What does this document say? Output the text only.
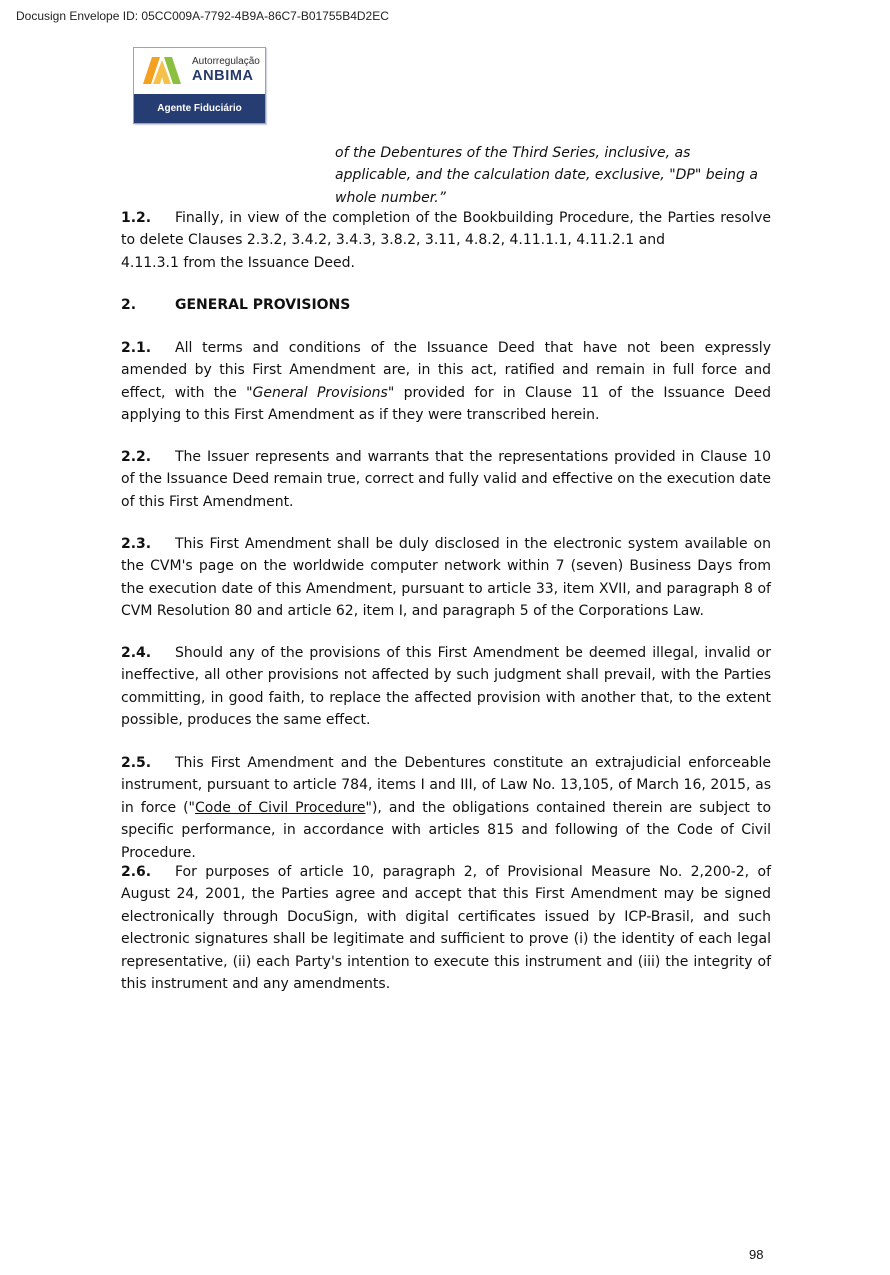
Docusign Envelope ID: 05CC009A-7792-4B9A-86C7-B01755B4D2EC
Autorregulação
ANBIMA
Agente Fiduciário
of the Debentures of the Third Series, inclusive, as applicable, and the calculation date, exclusive, "DP" being a whole number.”

1.2. Finally, in view of the completion of the Bookbuilding Procedure, the Parties resolve to delete Clauses 2.3.2, 3.4.2, 3.4.3, 3.8.2, 3.11, 4.8.2, 4.11.1.1, 4.11.2.1 and
4.11.3.1 from the Issuance Deed.

2.	GENERAL PROVISIONS

2.1. All terms and conditions of the Issuance Deed that have not been expressly amended by this First Amendment are, in this act, ratified and remain in full force and effect, with the "General Provisions" provided for in Clause 11 of the Issuance Deed applying to this First Amendment as if they were transcribed herein.

2.2. The Issuer represents and warrants that the representations provided in Clause 10 of the Issuance Deed remain true, correct and fully valid and effective on the execution date of this First Amendment.

2.3. This First Amendment shall be duly disclosed in the electronic system available on the CVM's page on the worldwide computer network within 7 (seven) Business Days from the execution date of this Amendment, pursuant to article 33, item XVII, and paragraph 8 of CVM Resolution 80 and article 62, item I, and paragraph 5 of the Corporations Law.

2.4. Should any of the provisions of this First Amendment be deemed illegal, invalid or ineffective, all other provisions not affected by such judgment shall prevail, with the Parties committing, in good faith, to replace the affected provision with another that, to the extent possible, produces the same effect.

2.5. This First Amendment and the Debentures constitute an extrajudicial enforceable instrument, pursuant to article 784, items I and III, of Law No. 13,105, of March 16, 2015, as in force ("Code of Civil Procedure"), and the obligations contained therein are subject to specific performance, in accordance with articles 815 and following of the Code of Civil Procedure.

2.6. For purposes of article 10, paragraph 2, of Provisional Measure No. 2,200-2, of August 24, 2001, the Parties agree and accept that this First Amendment may be signed electronically through DocuSign, with digital certificates issued by ICP-Brasil, and such electronic signatures shall be legitimate and sufficient to prove (i) the identity of each legal representative, (ii) each Party's intention to execute this instrument and (iii) the integrity of this instrument and any amendments.

98
